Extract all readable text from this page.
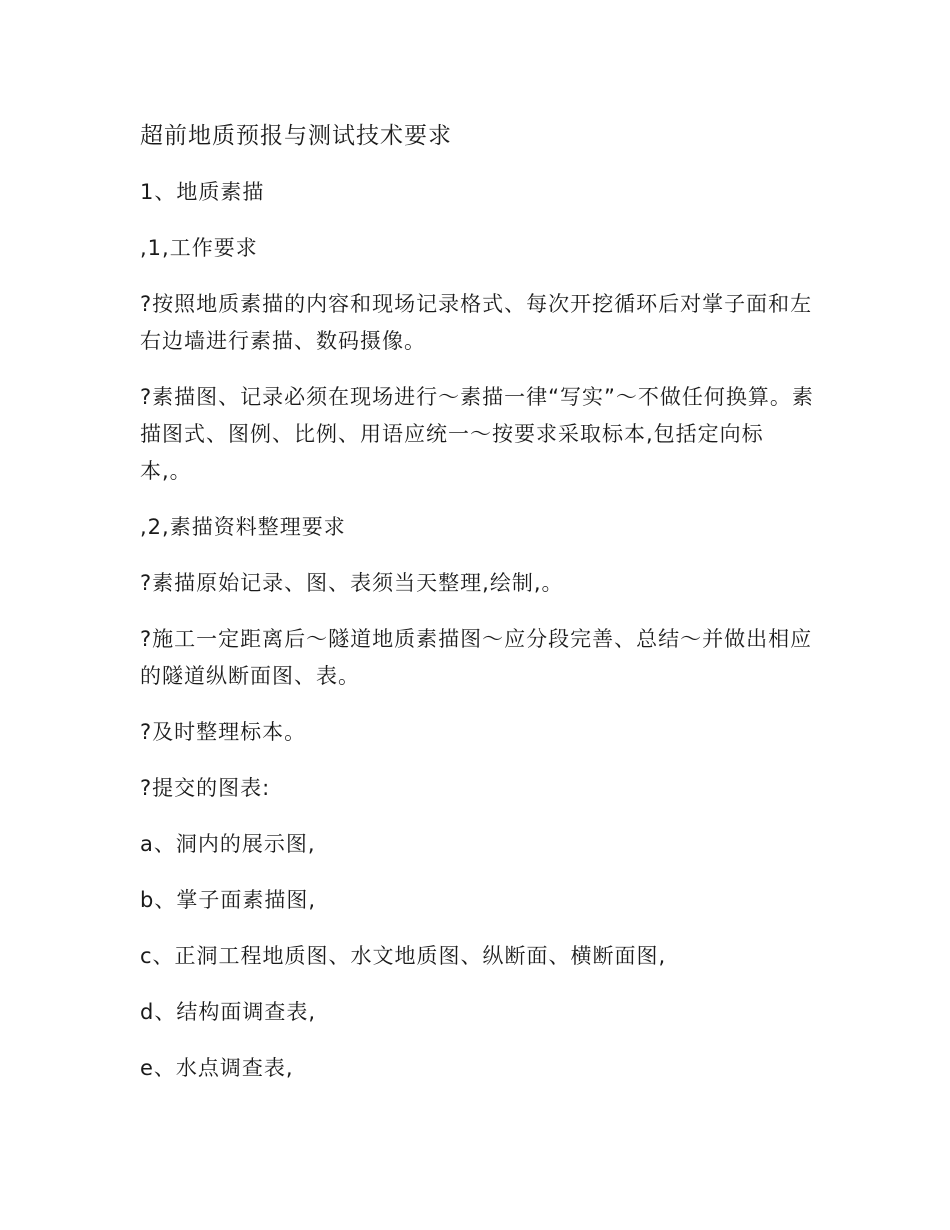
超前地质预报与测试技术要求
1、地质素描
,1,工作要求
?按照地质素描的内容和现场记录格式、每次开挖循环后对掌子面和左右边墙进行素描、数码摄像。
?素描图、记录必须在现场进行～素描一律“写实”～不做任何换算。素描图式、图例、比例、用语应统一～按要求采取标本,包括定向标本,。
,2,素描资料整理要求
?素描原始记录、图、表须当天整理,绘制,。
?施工一定距离后～隧道地质素描图～应分段完善、总结～并做出相应的隧道纵断面图、表。
?及时整理标本。
?提交的图表:
a、洞内的展示图,
b、掌子面素描图,
c、正洞工程地质图、水文地质图、纵断面、横断面图,
d、结构面调查表,
e、水点调查表,
